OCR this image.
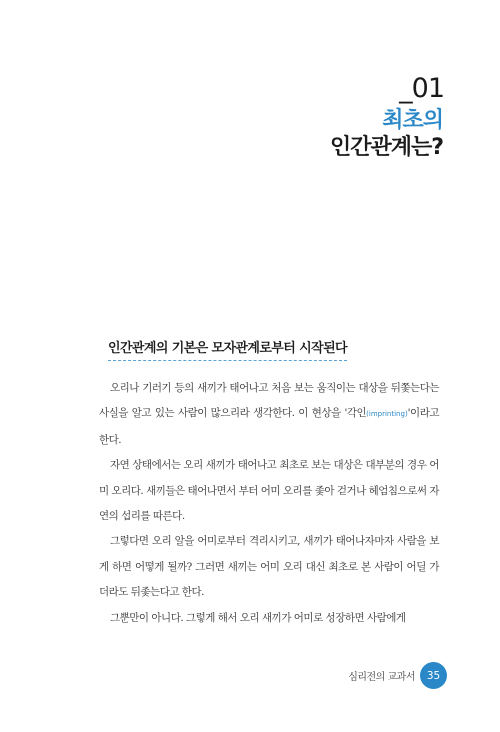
_01
최초의
인간관계는?
인간관계의 기본은 모자관계로부터 시작된다

오리나 기러기 등의 새끼가 태어나고 처음 보는 움직이는 대상을 뒤쫓는다는 사실을 알고 있는 사람이 많으리라 생각한다. 이 현상을 '각인(imprinting)'이라고 한다.

자연 상태에서는 오리 새끼가 태어나고 최초로 보는 대상은 대부분의 경우 어미 오리다. 새끼들은 태어나면서 부터 어미 오리를 좇아 걷거나 헤엄침으로써 자연의 섭리를 따른다.

그렇다면 오리 알을 어미로부터 격리시키고, 새끼가 태어나자마자 사람을 보게 하면 어떻게 될까? 그러면 새끼는 어미 오리 대신 최초로 본 사람이 어딜 가더라도 뒤좇는다고 한다.

그뿐만이 아니다. 그렇게 해서 오리 새끼가 어미로 성장하면 사람에게

심리전의 교과서	35
